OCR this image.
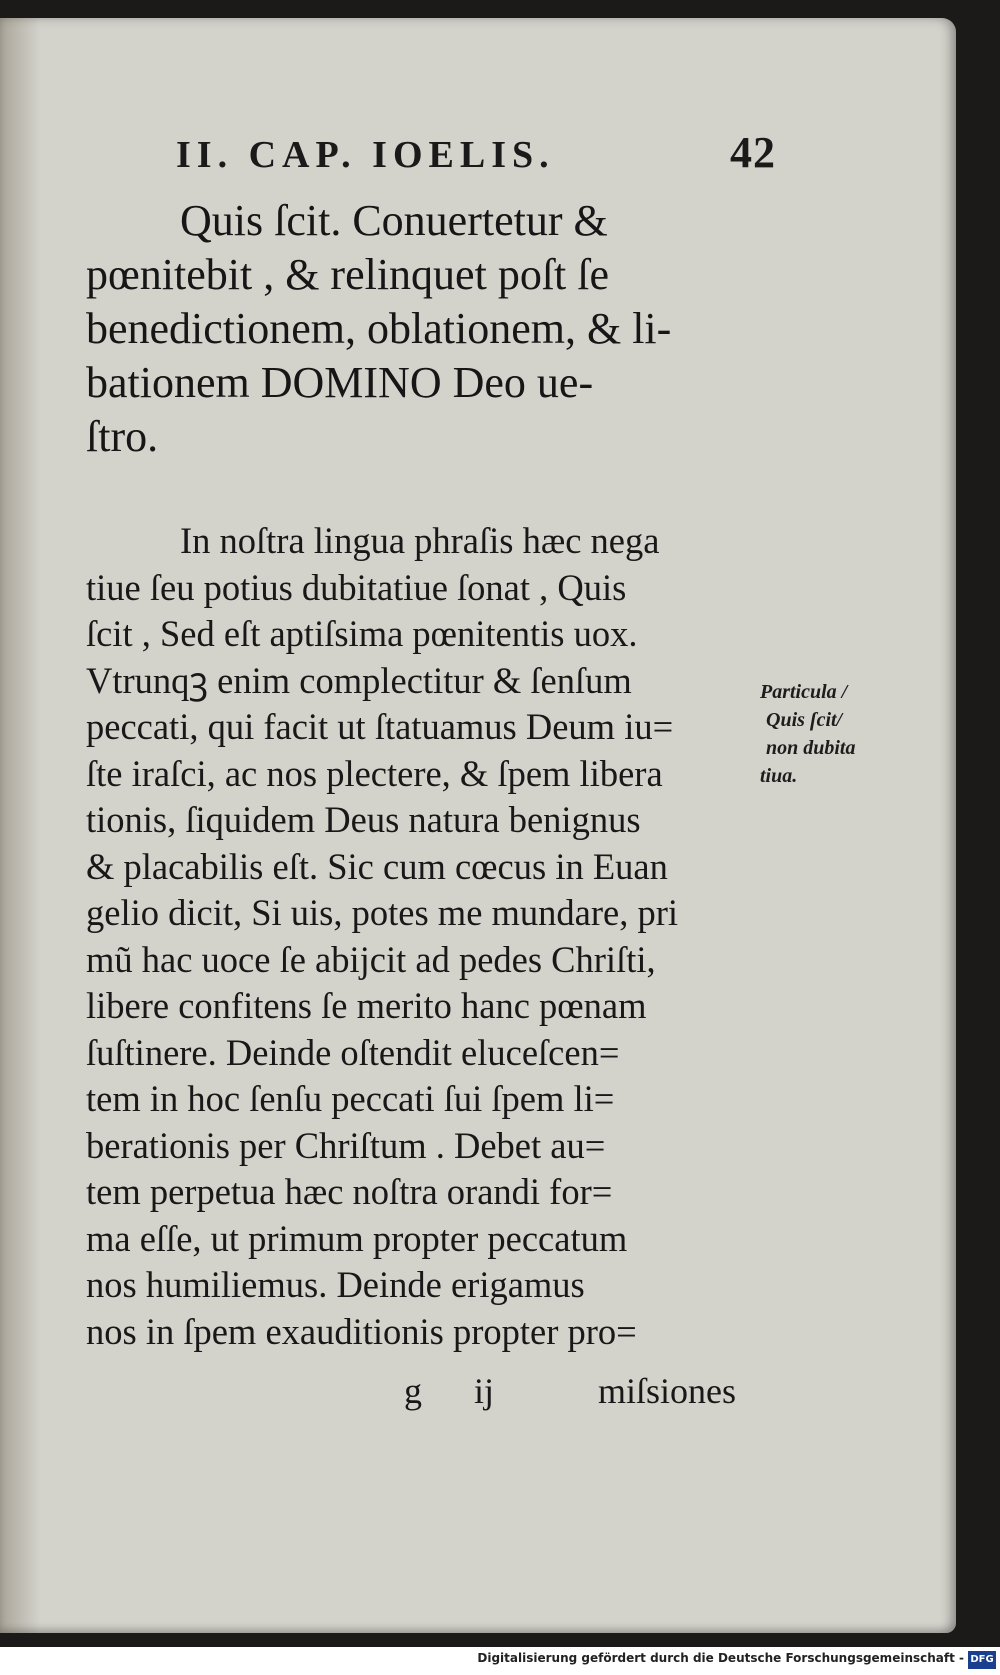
II. CAP. IOELIS.	42
Quis ſcit. Conuertetur &
pœnitebit , & relinquet poſt ſe
benedictionem, oblationem, & li-
bationem DOMINO Deo ue-
ſtro.
In noſtra lingua phraſis hæc nega
tiue ſeu potius dubitatiue ſonat , Quis
ſcit , Sed eſt aptiſsima pœnitentis uox.
Vtrunqꝫ enim complectitur & ſenſum
peccati, qui facit ut ſtatuamus Deum iu=
ſte iraſci, ac nos plectere, & ſpem libera
tionis, ſiquidem Deus natura benignus
& placabilis eſt. Sic cum cœcus in Euan
gelio dicit, Si uis, potes me mundare, pri
mũ hac uoce ſe abijcit ad pedes Chriſti,
libere confitens ſe merito hanc pœnam
ſuſtinere. Deinde oſtendit eluceſcen=
tem in hoc ſenſu peccati ſui ſpem li=
berationis per Chriſtum . Debet au=
tem perpetua hæc noſtra orandi for=
ma eſſe, ut primum propter peccatum
nos humiliemus. Deinde erigamus
nos in ſpem exauditionis propter pro=
g ij	miſsiones
Particula /
Quis ſcit/
non dubita
tiua.
Digitalisierung gefördert durch die Deutsche Forschungsgemeinschaft - DFG
